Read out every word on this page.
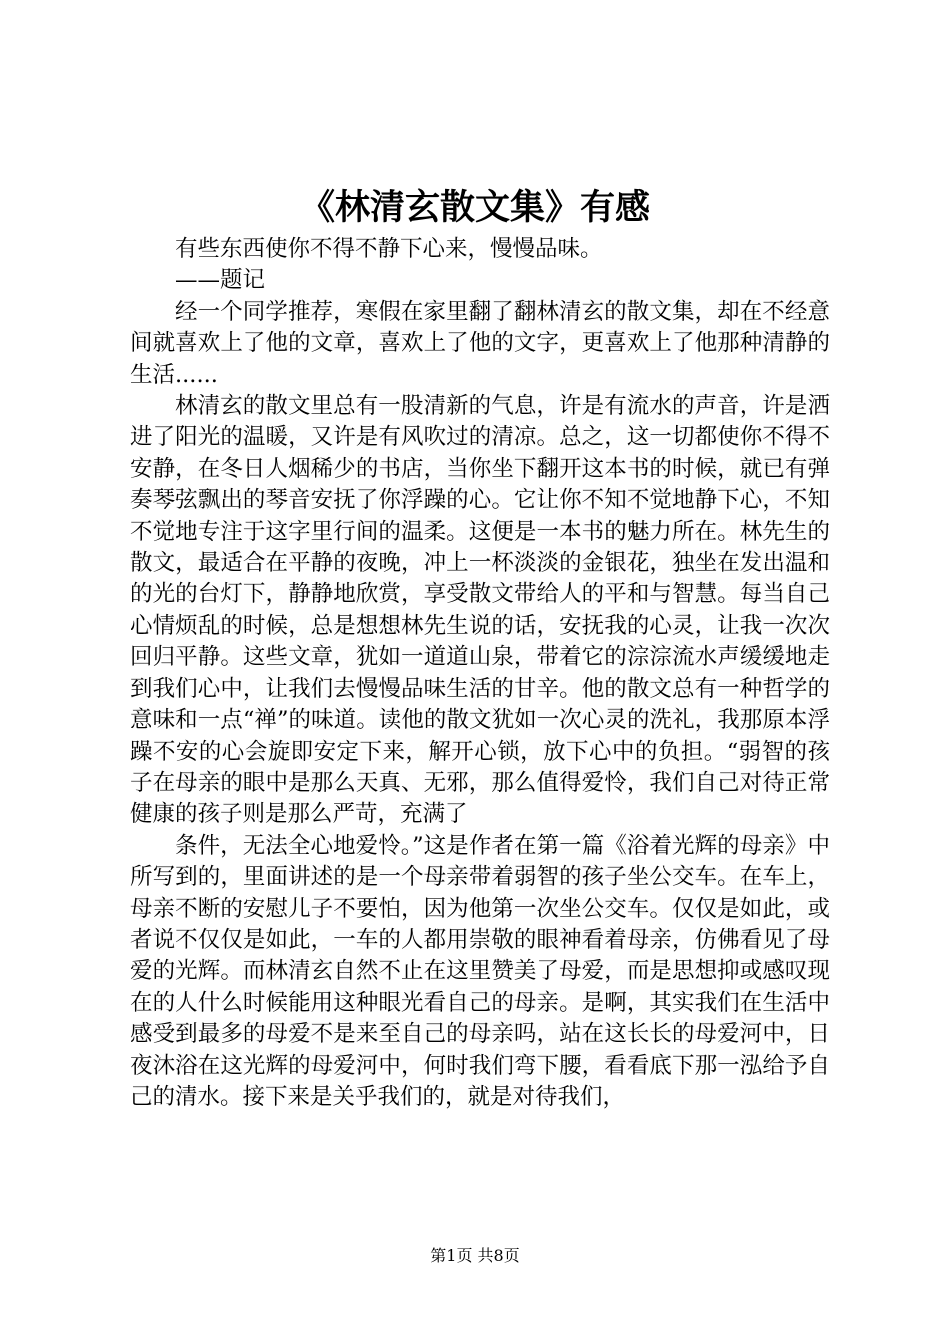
《林清玄散文集》有感

有些东西使你不得不静下心来，慢慢品味。

——题记

经一个同学推荐，寒假在家里翻了翻林清玄的散文集，却在不经意间就喜欢上了他的文章，喜欢上了他的文字，更喜欢上了他那种清静的生活......

林清玄的散文里总有一股清新的气息，许是有流水的声音，许是洒进了阳光的温暖，又许是有风吹过的清凉。总之，这一切都使你不得不安静，在冬日人烟稀少的书店，当你坐下翻开这本书的时候，就已有弹奏琴弦飘出的琴音安抚了你浮躁的心。它让你不知不觉地静下心，不知不觉地专注于这字里行间的温柔。这便是一本书的魅力所在。林先生的散文，最适合在平静的夜晚，冲上一杯淡淡的金银花，独坐在发出温和的光的台灯下，静静地欣赏，享受散文带给人的平和与智慧。每当自己心情烦乱的时候，总是想想林先生说的话，安抚我的心灵，让我一次次回归平静。这些文章，犹如一道道山泉，带着它的淙淙流水声缓缓地走到我们心中，让我们去慢慢品味生活的甘辛。他的散文总有一种哲学的意味和一点“禅”的味道。读他的散文犹如一次心灵的洗礼，我那原本浮躁不安的心会旋即安定下来，解开心锁，放下心中的负担。“弱智的孩子在母亲的眼中是那么天真、无邪，那么值得爱怜，我们自己对待正常健康的孩子则是那么严苛，充满了

条件，无法全心地爱怜。”这是作者在第一篇《浴着光辉的母亲》中所写到的，里面讲述的是一个母亲带着弱智的孩子坐公交车。在车上，母亲不断的安慰儿子不要怕，因为他第一次坐公交车。仅仅是如此，或者说不仅仅是如此，一车的人都用崇敬的眼神看着母亲，仿佛看见了母爱的光辉。而林清玄自然不止在这里赞美了母爱，而是思想抑或感叹现在的人什么时候能用这种眼光看自己的母亲。是啊，其实我们在生活中感受到最多的母爱不是来至自己的母亲吗，站在这长长的母爱河中，日夜沐浴在这光辉的母爱河中，何时我们弯下腰，看看底下那一泓给予自己的清水。接下来是关乎我们的，就是对待我们，

第1页 共8页
